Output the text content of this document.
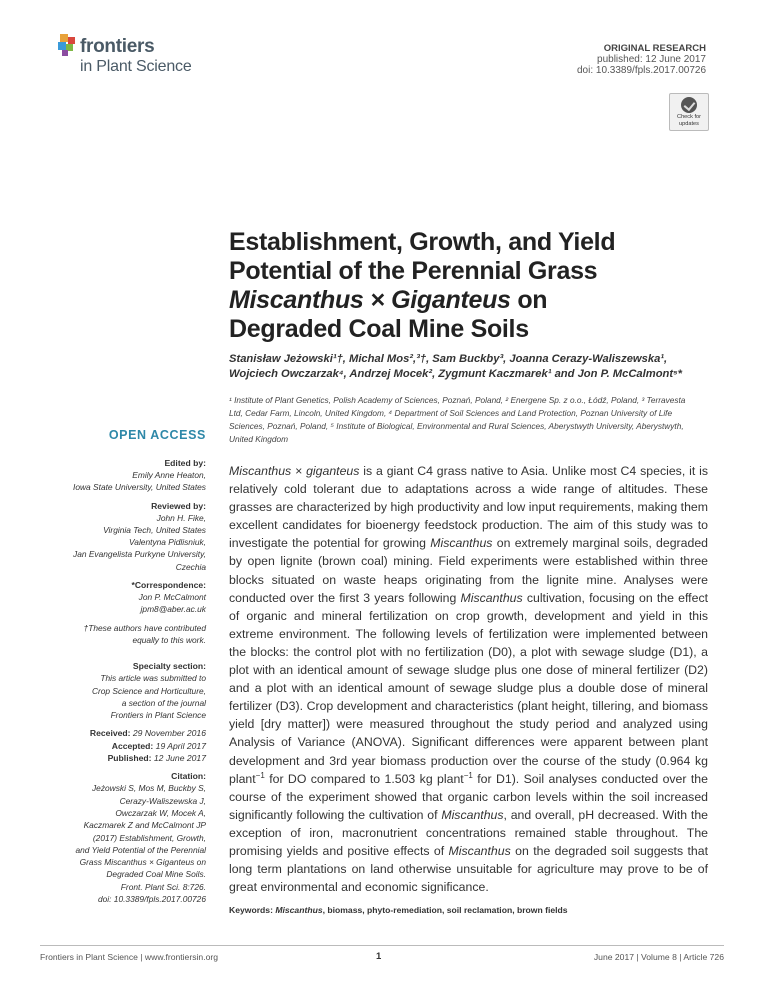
frontiers
in Plant Science
ORIGINAL RESEARCH
published: 12 June 2017
doi: 10.3389/fpls.2017.00726
Check for
updates
Establishment, Growth, and Yield
Potential of the Perennial Grass
Miscanthus × Giganteus on
Degraded Coal Mine Soils
Stanisław Jeżowski¹†, Michal Mos²,³†, Sam Buckby³, Joanna Cerazy-Waliszewska¹,
Wojciech Owczarzak⁴, Andrzej Mocek², Zygmunt Kaczmarek¹ and Jon P. McCalmont⁵*
¹ Institute of Plant Genetics, Polish Academy of Sciences, Poznań, Poland, ² Energene Sp. z o.o., Łódź, Poland, ³ Terravesta
Ltd, Cedar Farm, Lincoln, United Kingdom, ⁴ Department of Soil Sciences and Land Protection, Poznan University of Life
Sciences, Poznań, Poland, ⁵ Institute of Biological, Environmental and Rural Sciences, Aberystwyth University, Aberystwyth,
United Kingdom
OPEN ACCESS
Edited by:
Emily Anne Heaton,
Iowa State University, United States
Reviewed by:
John H. Fike,
Virginia Tech, United States
Valentyna Pidlisniuk,
Jan Evangelista Purkyne University,
Czechia
*Correspondence:
Jon P. McCalmont
jpm8@aber.ac.uk
†These authors have contributed
equally to this work.
Specialty section:
This article was submitted to
Crop Science and Horticulture,
a section of the journal
Frontiers in Plant Science
Received: 29 November 2016
Accepted: 19 April 2017
Published: 12 June 2017
Citation:
Jeżowski S, Mos M, Buckby S,
Cerazy-Waliszewska J,
Owczarzak W, Mocek A,
Kaczmarek Z and McCalmont JP
(2017) Establishment, Growth,
and Yield Potential of the Perennial
Grass Miscanthus × Giganteus on
Degraded Coal Mine Soils.
Front. Plant Sci. 8:726.
doi: 10.3389/fpls.2017.00726
Miscanthus × giganteus is a giant C4 grass native to Asia. Unlike most C4 species, it is relatively cold tolerant due to adaptations across a wide range of altitudes. These grasses are characterized by high productivity and low input requirements, making them excellent candidates for bioenergy feedstock production. The aim of this study was to investigate the potential for growing Miscanthus on extremely marginal soils, degraded by open lignite (brown coal) mining. Field experiments were established within three blocks situated on waste heaps originating from the lignite mine. Analyses were conducted over the first 3 years following Miscanthus cultivation, focusing on the effect of organic and mineral fertilization on crop growth, development and yield in this extreme environment. The following levels of fertilization were implemented between the blocks: the control plot with no fertilization (D0), a plot with sewage sludge (D1), a plot with an identical amount of sewage sludge plus one dose of mineral fertilizer (D2) and a plot with an identical amount of sewage sludge plus a double dose of mineral fertilizer (D3). Crop development and characteristics (plant height, tillering, and biomass yield [dry matter]) were measured throughout the study period and analyzed using Analysis of Variance (ANOVA). Significant differences were apparent between plant development and 3rd year biomass production over the course of the study (0.964 kg plant$^{-1}$ for DO compared to 1.503 kg plant$^{-1}$ for D1). Soil analyses conducted over the course of the experiment showed that organic carbon levels within the soil increased significantly following the cultivation of Miscanthus, and overall, pH decreased. With the exception of iron, macronutrient concentrations remained stable throughout. The promising yields and positive effects of Miscanthus on the degraded soil suggests that long term plantations on land otherwise unsuitable for agriculture may prove to be of great environmental and economic significance.
Keywords: Miscanthus, biomass, phyto-remediation, soil reclamation, brown fields
Frontiers in Plant Science | www.frontiersin.org	1	June 2017 | Volume 8 | Article 726
